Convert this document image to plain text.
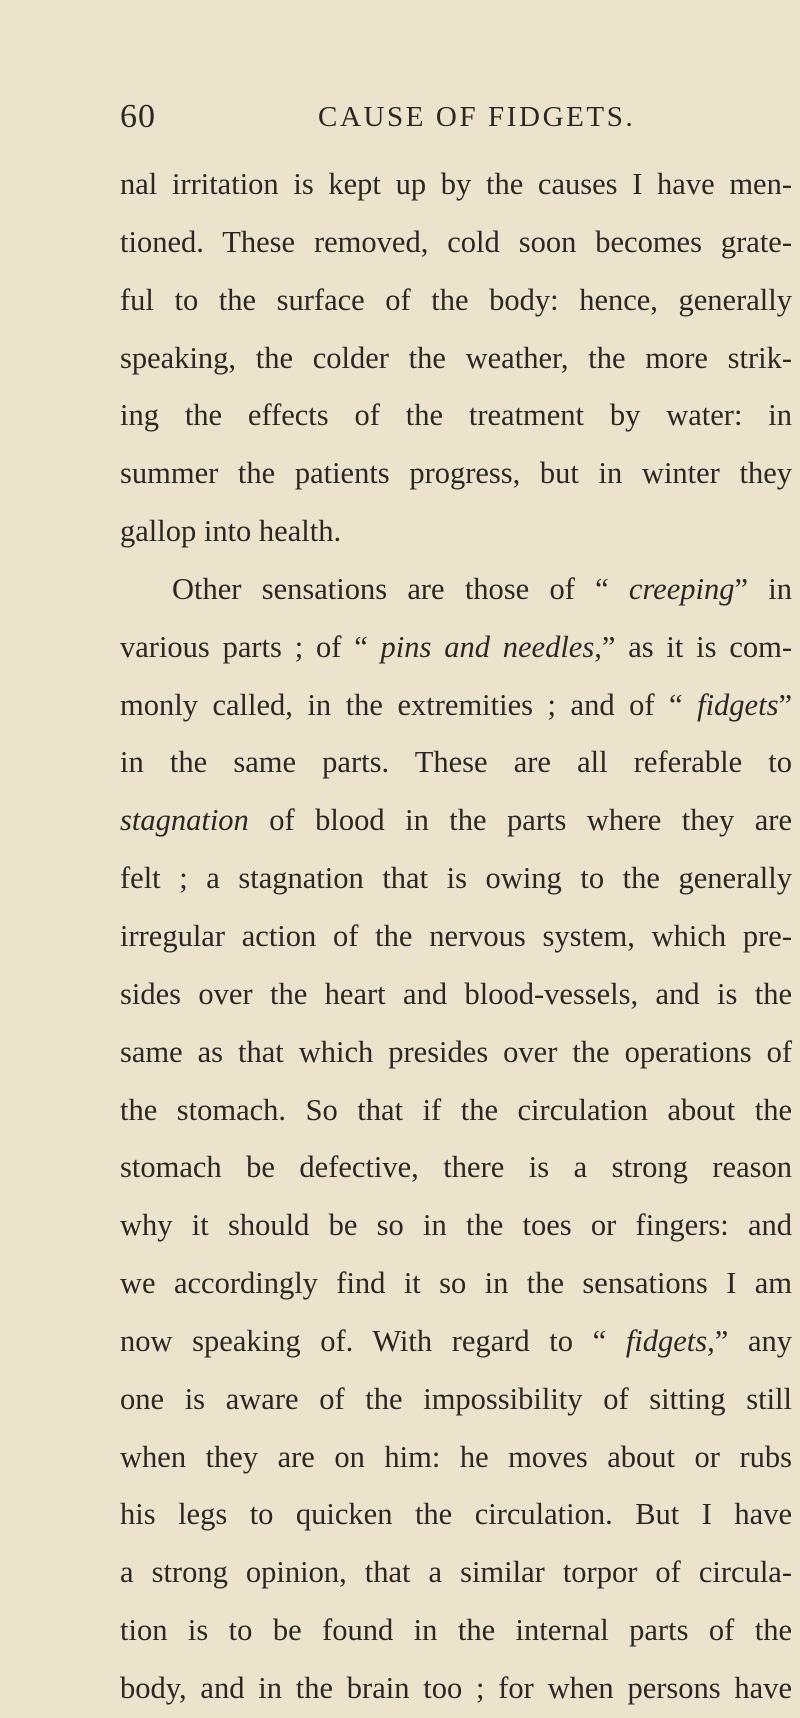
60	CAUSE OF FIDGETS.
nal irritation is kept up by the causes I have men-
tioned. These removed, cold soon becomes grate-
ful to the surface of the body: hence, generally
speaking, the colder the weather, the more strik-
ing the effects of the treatment by water: in
summer the patients progress, but in winter they
gallop into health.
Other sensations are those of “ creeping” in
various parts ; of “ pins and needles,” as it is com-
monly called, in the extremities ; and of “ fidgets”
in the same parts. These are all referable to
stagnation of blood in the parts where they are
felt ; a stagnation that is owing to the generally
irregular action of the nervous system, which pre-
sides over the heart and blood-vessels, and is the
same as that which presides over the operations of
the stomach. So that if the circulation about the
stomach be defective, there is a strong reason
why it should be so in the toes or fingers: and
we accordingly find it so in the sensations I am
now speaking of. With regard to “ fidgets,” any
one is aware of the impossibility of sitting still
when they are on him: he moves about or rubs
his legs to quicken the circulation. But I have
a strong opinion, that a similar torpor of circula-
tion is to be found in the internal parts of the
body, and in the brain too ; for when persons have
